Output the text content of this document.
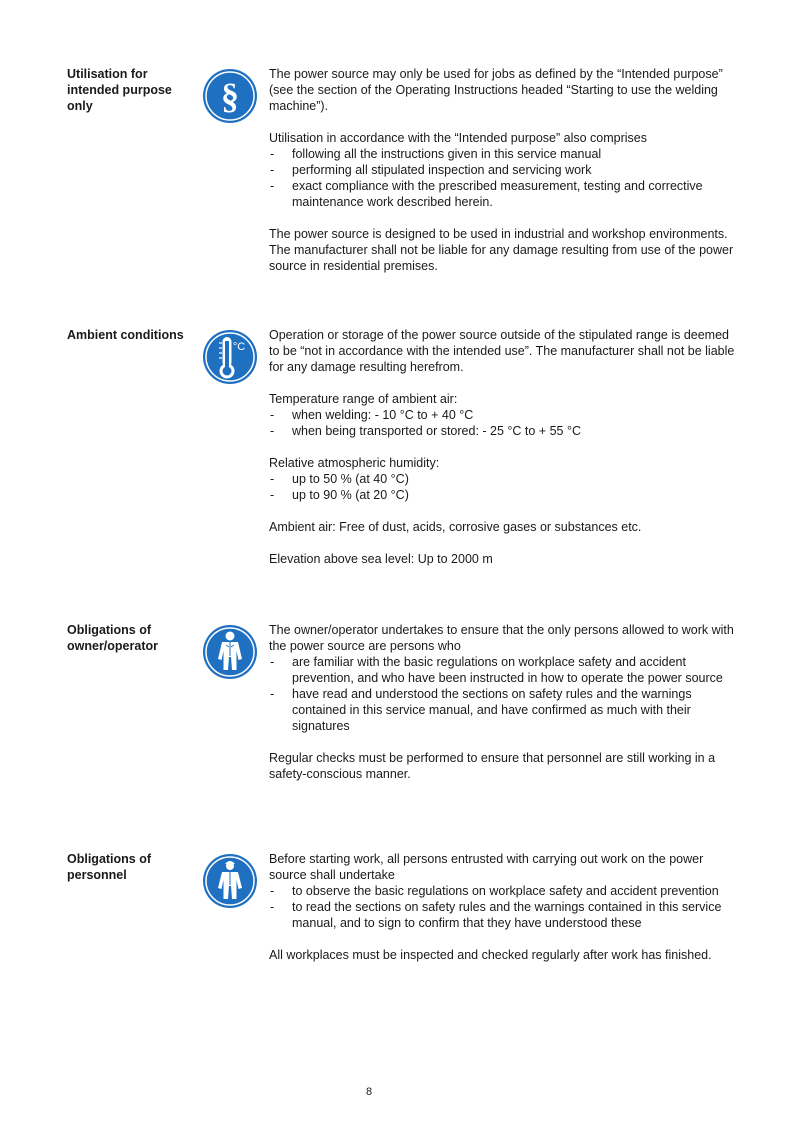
Utilisation for intended purpose only	§

The power source may only be used for jobs as defined by the “Intended purpose” (see the section of the Operating Instructions headed “Starting to use the welding machine”).

Utilisation in accordance with the “Intended purpose” also comprises

- following all the instructions given in this service manual
- performing all stipulated inspection and servicing work
- exact compliance with the prescribed measurement, testing and corrective maintenance work described herein.

The power source is designed to be used in industrial and workshop environments. The manufacturer shall not be liable for any damage resulting from use of the power source in residential premises.

Ambient conditions
°C

Operation or storage of the power source outside of the stipulated range is deemed to be “not in accordance with the intended use”. The manufacturer shall not be liable for any damage resulting herefrom.

Temperature range of ambient air:

- when welding: - 10 °C to + 40 °C
- when being transported or stored: - 25 °C to + 55 °C

Relative atmospheric humidity:

- up to 50 % (at 40 °C)
- up to 90 % (at 20 °C)

Ambient air: Free of dust, acids, corrosive gases or substances etc.

Elevation above sea level: Up to 2000 m

Obligations of owner/operator

The owner/operator undertakes to ensure that the only persons allowed to work with the power source are persons who

- are familiar with the basic regulations on workplace safety and accident prevention, and who have been instructed in how to operate the power source
- have read and understood the sections on safety rules and the warnings contained in this service manual, and have confirmed as much with their signatures

Regular checks must be performed to ensure that personnel are still working in a safety-conscious manner.

Obligations of personnel

Before starting work, all persons entrusted with carrying out work on the power source shall undertake

- to observe the basic regulations on workplace safety and accident prevention
- to read the sections on safety rules and the warnings contained in this service manual, and to sign to confirm that they have understood these

All workplaces must be inspected and checked regularly after work has finished.

8
